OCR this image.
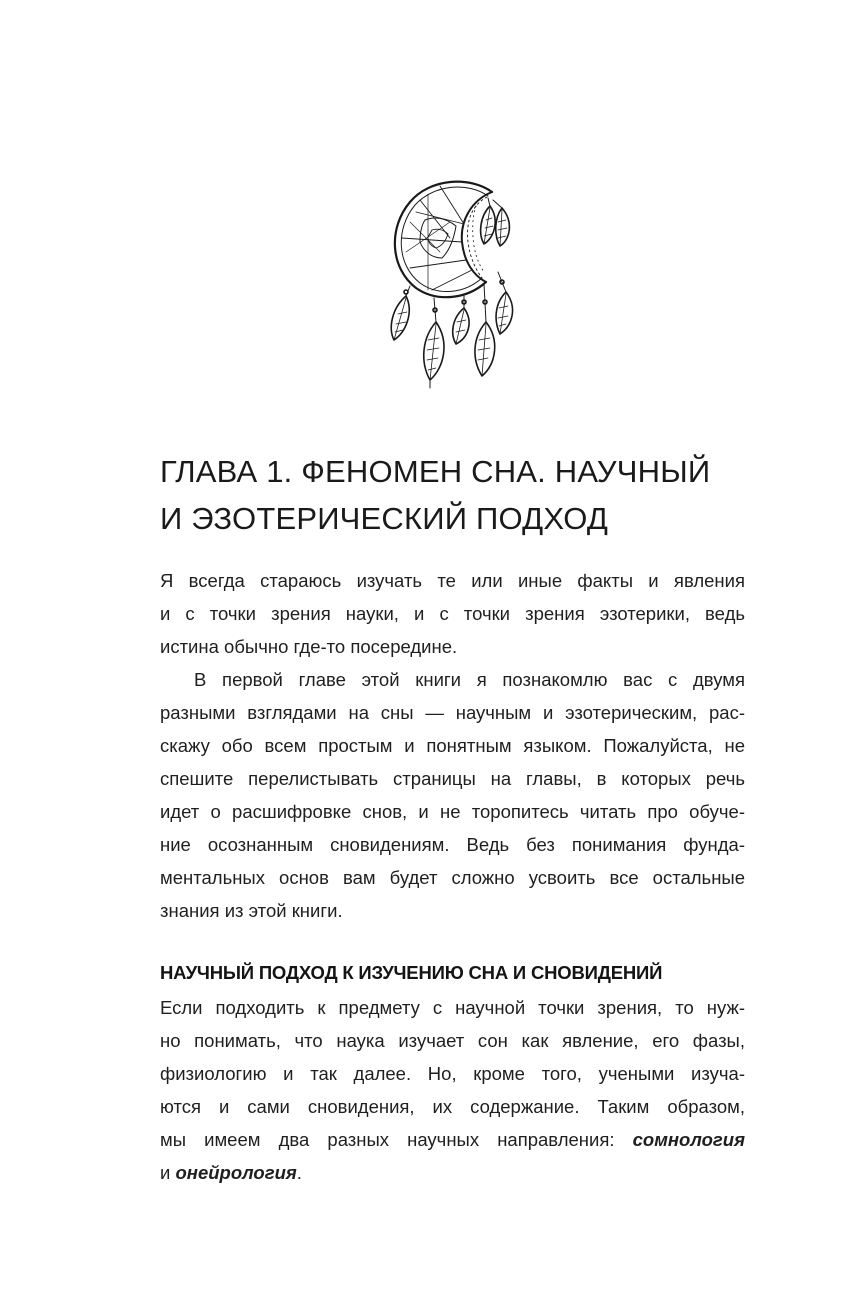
ГЛАВА 1. ФЕНОМЕН СНА. НАУЧНЫЙ
И ЭЗОТЕРИЧЕСКИЙ ПОДХОД
Я всегда стараюсь изучать те или иные факты и явления
и с точки зрения науки, и с точки зрения эзотерики, ведь
истина обычно где-то посередине.
В первой главе этой книги я познакомлю вас с двумя
разными взглядами на сны — научным и эзотерическим, рас-
скажу обо всем простым и понятным языком. Пожалуйста, не
спешите перелистывать страницы на главы, в которых речь
идет о расшифровке снов, и не торопитесь читать про обуче-
ние осознанным сновидениям. Ведь без понимания фунда-
ментальных основ вам будет сложно усвоить все остальные
знания из этой книги.
НАУЧНЫЙ ПОДХОД К ИЗУЧЕНИЮ СНА И СНОВИДЕНИЙ
Если подходить к предмету с научной точки зрения, то нуж-
но понимать, что наука изучает сон как явление, его фазы,
физиологию и так далее. Но, кроме того, учеными изуча-
ются и сами сновидения, их содержание. Таким образом,
мы имеем два разных научных направления: сомнология
и онейрология.
